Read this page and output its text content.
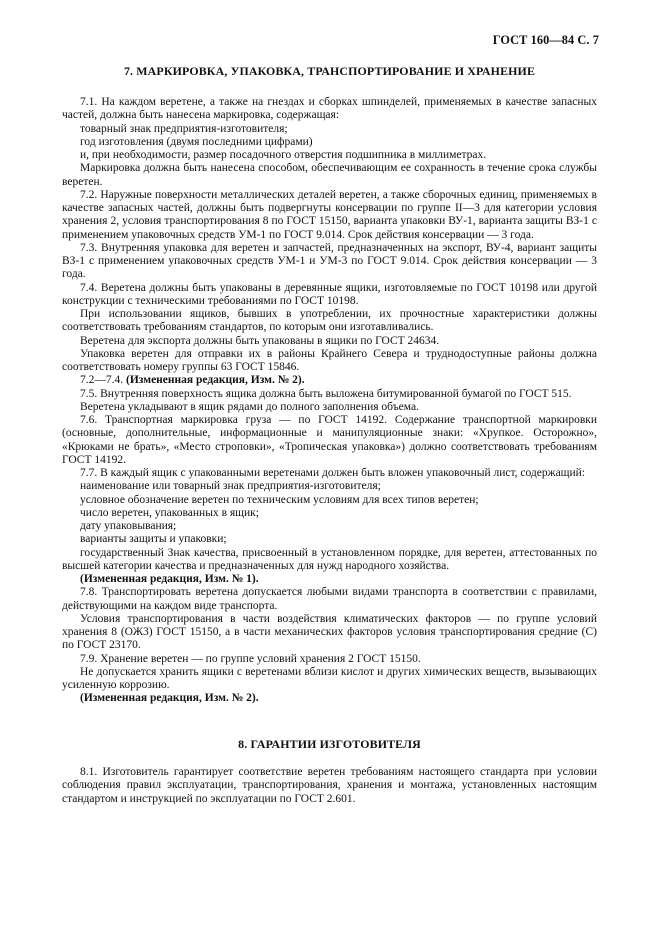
ГОСТ 160—84 С. 7
7. МАРКИРОВКА, УПАКОВКА, ТРАНСПОРТИРОВАНИЕ И ХРАНЕНИЕ

7.1. На каждом веретене, а также на гнездах и сборках шпинделей, применяемых в качестве запасных частей, должна быть нанесена маркировка, содержащая:

товарный знак предприятия-изготовителя;

год изготовления (двумя последними цифрами)

и, при необходимости, размер посадочного отверстия подшипника в миллиметрах.

Маркировка должна быть нанесена способом, обеспечивающим ее сохранность в течение срока службы веретен.

7.2. Наружные поверхности металлических деталей веретен, а также сборочных единиц, применяемых в качестве запасных частей, должны быть подвергнуты консервации по группе II—3 для категории условия хранения 2, условия транспортирования 8 по ГОСТ 15150, варианта упаковки ВУ-1, варианта защиты ВЗ-1 с применением упаковочных средств УМ-1 по ГОСТ 9.014. Срок действия консервации — 3 года.

7.3. Внутренняя упаковка для веретен и запчастей, предназначенных на экспорт, ВУ-4, вариант защиты ВЗ-1 с применением упаковочных средств УМ-1 и УМ-3 по ГОСТ 9.014. Срок действия консервации — 3 года.

7.4. Веретена должны быть упакованы в деревянные ящики, изготовляемые по ГОСТ 10198 или другой конструкции с техническими требованиями по ГОСТ 10198.

При использовании ящиков, бывших в употреблении, их прочностные характеристики должны соответствовать требованиям стандартов, по которым они изготавливались.

Веретена для экспорта должны быть упакованы в ящики по ГОСТ 24634.

Упаковка веретен для отправки их в районы Крайнего Севера и труднодоступные районы должна соответствовать номеру группы 63 ГОСТ 15846.

7.2—7.4. (Измененная редакция, Изм. № 2).

7.5. Внутренняя поверхность ящика должна быть выложена битумированной бумагой по ГОСТ 515.

Веретена укладывают в ящик рядами до полного заполнения объема.

7.6. Транспортная маркировка груза — по ГОСТ 14192. Содержание транспортной маркировки (основные, дополнительные, информационные и манипуляционные знаки: «Хрупкое. Осторожно», «Крюками не брать», «Место строповки», «Тропическая упаковка») должно соответствовать требованиям ГОСТ 14192.

7.7. В каждый ящик с упакованными веретенами должен быть вложен упаковочный лист, содержащий:

наименование или товарный знак предприятия-изготовителя;

условное обозначение веретен по техническим условиям для всех типов веретен;

число веретен, упакованных в ящик;

дату упаковывания;

варианты защиты и упаковки;

государственный Знак качества, присвоенный в установленном порядке, для веретен, аттестованных по высшей категории качества и предназначенных для нужд народного хозяйства.

(Измененная редакция, Изм. № 1).

7.8. Транспортировать веретена допускается любыми видами транспорта в соответствии с правилами, действующими на каждом виде транспорта.

Условия транспортирования в части воздействия климатических факторов — по группе условий хранения 8 (ОЖ3) ГОСТ 15150, а в части механических факторов условия транспортирования средние (С) по ГОСТ 23170.

7.9. Хранение веретен — по группе условий хранения 2 ГОСТ 15150.

Не допускается хранить ящики с веретенами вблизи кислот и других химических веществ, вызывающих усиленную коррозию.

(Измененная редакция, Изм. № 2).

8. ГАРАНТИИ ИЗГОТОВИТЕЛЯ

8.1. Изготовитель гарантирует соответствие веретен требованиям настоящего стандарта при условии соблюдения правил эксплуатации, транспортирования, хранения и монтажа, установленных настоящим стандартом и инструкцией по эксплуатации по ГОСТ 2.601.
